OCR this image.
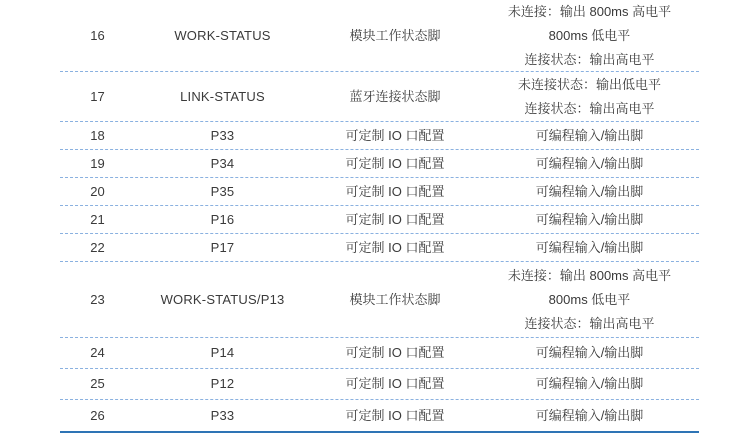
16	WORK-STATUS	模块工作状态脚
未连接：输出 800ms 高电平
800ms 低电平
连接状态：输出高电平
17	LINK-STATUS	蓝牙连接状态脚
未连接状态：输出低电平
连接状态：输出高电平
18	P33	可定制 IO 口配置	可编程输入/输出脚
19	P34	可定制 IO 口配置	可编程输入/输出脚
20	P35	可定制 IO 口配置	可编程输入/输出脚
21	P16	可定制 IO 口配置	可编程输入/输出脚
22	P17	可定制 IO 口配置	可编程输入/输出脚
23	WORK-STATUS/P13	模块工作状态脚
未连接：输出 800ms 高电平
800ms 低电平
连接状态：输出高电平
24	P14	可定制 IO 口配置	可编程输入/输出脚
25	P12	可定制 IO 口配置	可编程输入/输出脚
26	P33	可定制 IO 口配置	可编程输入/输出脚
